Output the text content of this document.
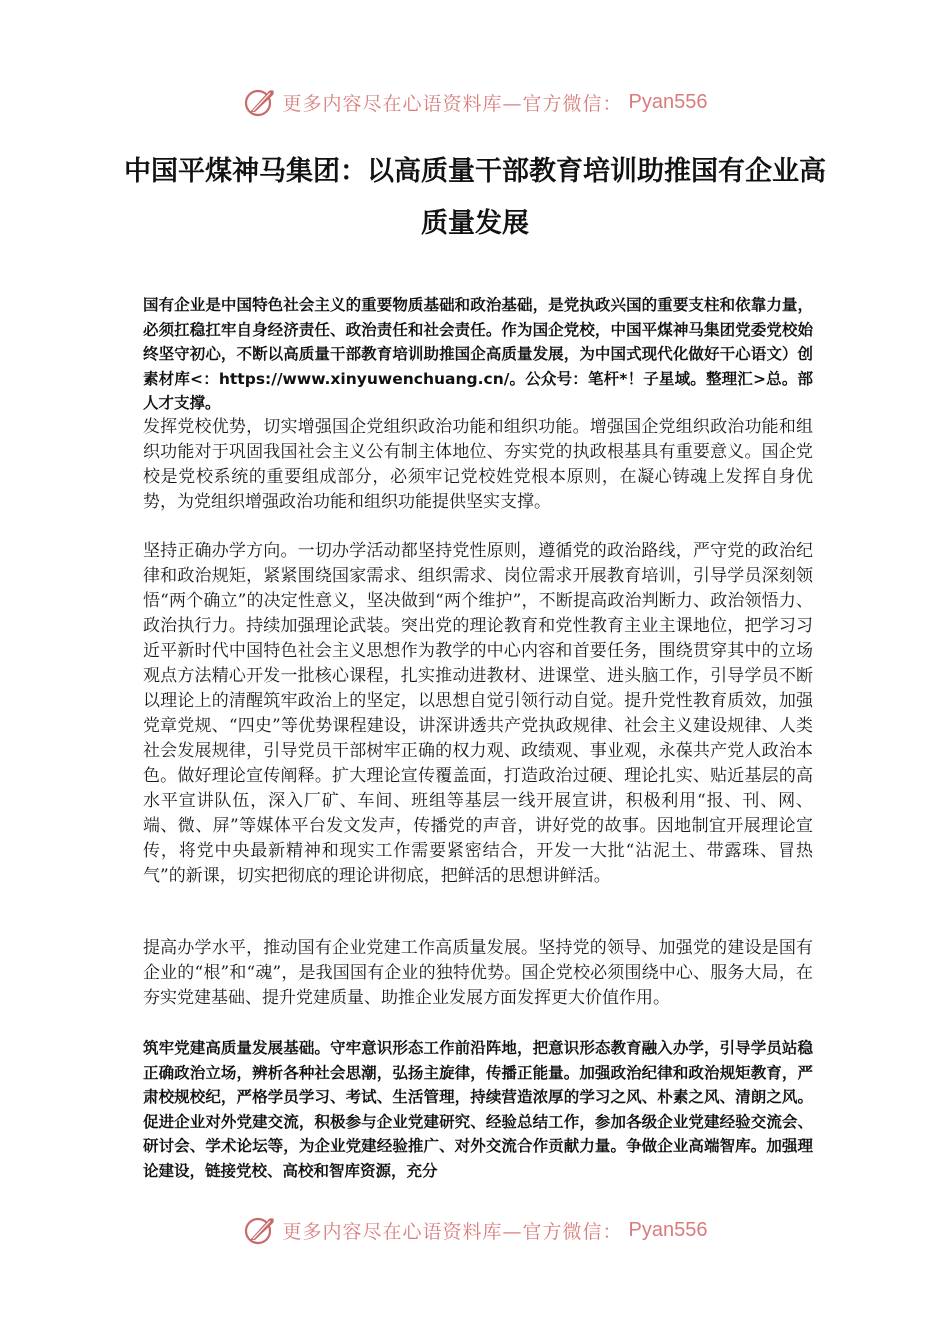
更多内容尽在心语资料库—官方微信： Pyan556
中国平煤神马集团：以高质量干部教育培训助推国有企业高质量发展

国有企业是中国特色社会主义的重要物质基础和政治基础，是党执政兴国的重要支柱和依靠力量，必须扛稳扛牢自身经济责任、政治责任和社会责任。作为国企党校，中国平煤神马集团党委党校始终坚守初心，不断以高质量干部教育培训助推国企高质量发展，为中国式现代化做好干心语文）创素材库<：https://www.xinyuwenchuang.cn/。公众号：笔杆*！子星域。整理汇>总。部人才支撑。

发挥党校优势，切实增强国企党组织政治功能和组织功能。增强国企党组织政治功能和组织功能对于巩固我国社会主义公有制主体地位、夯实党的执政根基具有重要意义。国企党校是党校系统的重要组成部分，必须牢记党校姓党根本原则，在凝心铸魂上发挥自身优势，为党组织增强政治功能和组织功能提供坚实支撑。

坚持正确办学方向。一切办学活动都坚持党性原则，遵循党的政治路线，严守党的政治纪律和政治规矩，紧紧围绕国家需求、组织需求、岗位需求开展教育培训，引导学员深刻领悟“两个确立”的决定性意义，坚决做到“两个维护”，不断提高政治判断力、政治领悟力、政治执行力。持续加强理论武装。突出党的理论教育和党性教育主业主课地位，把学习习近平新时代中国特色社会主义思想作为教学的中心内容和首要任务，围绕贯穿其中的立场观点方法精心开发一批核心课程，扎实推动进教材、进课堂、进头脑工作，引导学员不断以理论上的清醒筑牢政治上的坚定，以思想自觉引领行动自觉。提升党性教育质效，加强党章党规、“四史”等优势课程建设，讲深讲透共产党执政规律、社会主义建设规律、人类社会发展规律，引导党员干部树牢正确的权力观、政绩观、事业观，永葆共产党人政治本色。做好理论宣传阐释。扩大理论宣传覆盖面，打造政治过硬、理论扎实、贴近基层的高水平宣讲队伍，深入厂矿、车间、班组等基层一线开展宣讲，积极利用“报、刊、网、端、微、屏”等媒体平台发文发声，传播党的声音，讲好党的故事。因地制宜开展理论宣传，将党中央最新精神和现实工作需要紧密结合，开发一大批“沾泥土、带露珠、冒热气”的新课，切实把彻底的理论讲彻底，把鲜活的思想讲鲜活。

提高办学水平，推动国有企业党建工作高质量发展。坚持党的领导、加强党的建设是国有企业的“根”和“魂”，是我国国有企业的独特优势。国企党校必须围绕中心、服务大局，在夯实党建基础、提升党建质量、助推企业发展方面发挥更大价值作用。

筑牢党建高质量发展基础。守牢意识形态工作前沿阵地，把意识形态教育融入办学，引导学员站稳正确政治立场，辨析各种社会思潮，弘扬主旋律，传播正能量。加强政治纪律和政治规矩教育，严肃校规校纪，严格学员学习、考试、生活管理，持续营造浓厚的学习之风、朴素之风、清朗之风。促进企业对外党建交流，积极参与企业党建研究、经验总结工作，参加各级企业党建经验交流会、研讨会、学术论坛等，为企业党建经验推广、对外交流合作贡献力量。争做企业高端智库。加强理论建设，链接党校、高校和智库资源，充分

更多内容尽在心语资料库—官方微信： Pyan556
